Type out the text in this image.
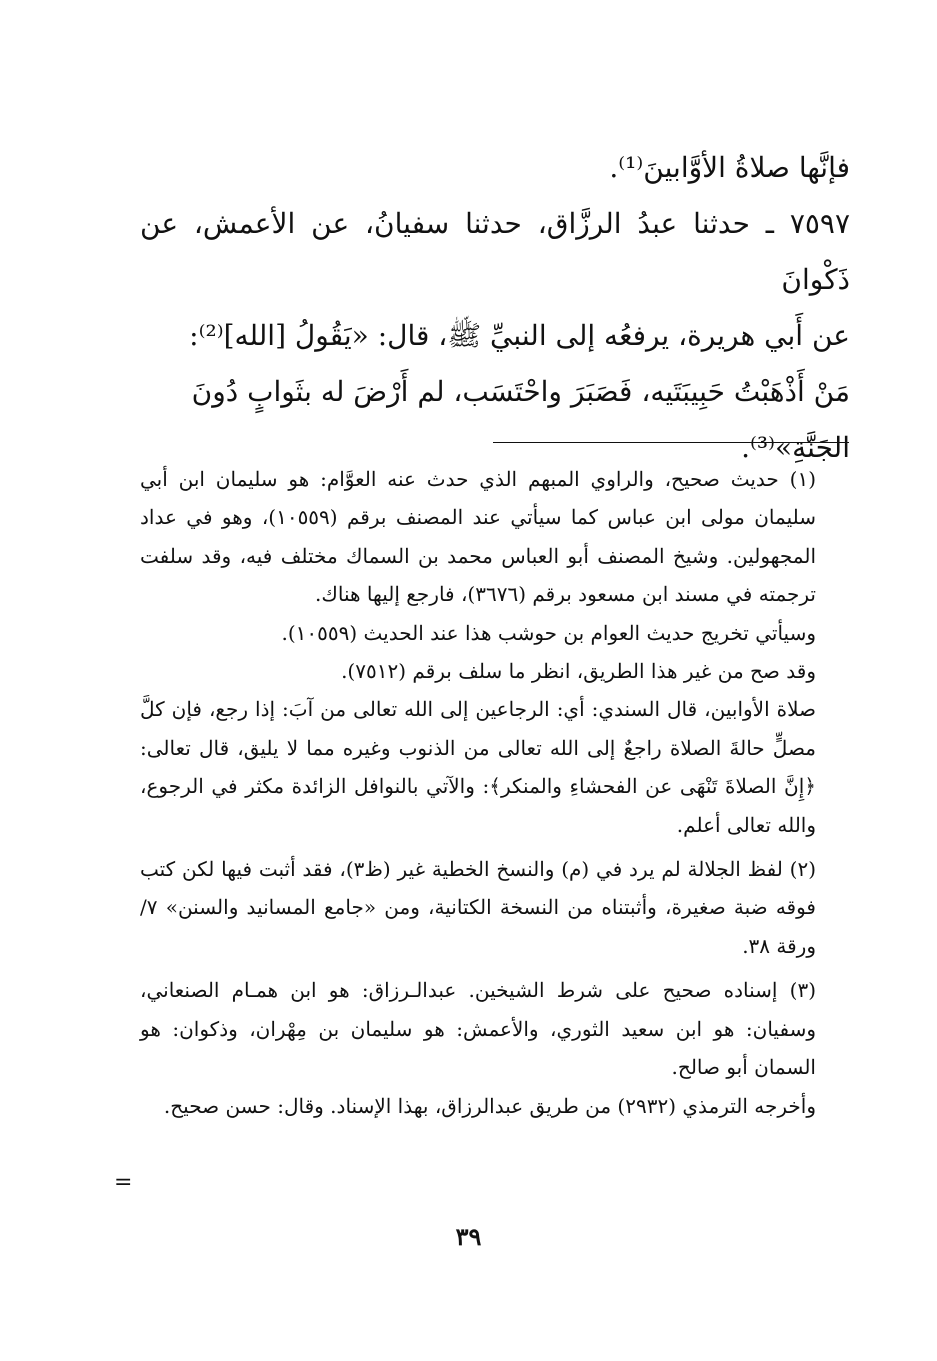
فإنَّها صلاةُ الأوَّابينَ⁽¹⁾.

٧٥٩٧ ـ حدثنا عبدُ الرزَّاق، حدثنا سفيانُ، عن الأعمش، عن ذَكْوانَ

عن أَبي هريرة، يرفعُه إلى النبيِّ ﷺ، قال: «يَقُولُ [الله]⁽²⁾:

مَنْ أَذْهَبْتُ حَبِيبَتَيه، فَصَبَرَ واحْتَسَب، لم أَرْضَ له بثَوابٍ دُونَ

الجَنَّةِ»⁽³⁾.

(١) حديث صحيح، والراوي المبهم الذي حدث عنه العوَّام: هو سليمان ابن أبي سليمان مولى ابن عباس كما سيأتي عند المصنف برقم (١٠٥٥٩)، وهو في عداد المجهولين. وشيخ المصنف أبو العباس محمد بن السماك مختلف فيه، وقد سلفت ترجمته في مسند ابن مسعود برقم (٣٦٧٦)، فارجع إليها هناك.

وسيأتي تخريج حديث العوام بن حوشب هذا عند الحديث (١٠٥٥٩).

وقد صح من غير هذا الطريق، انظر ما سلف برقم (٧٥١٢).

صلاة الأوابين، قال السندي: أي: الرجاعين إلى الله تعالى من آبَ: إذا رجع، فإن كلَّ مصلٍّ حالةَ الصلاة راجعٌ إلى الله تعالى من الذنوب وغيره مما لا يليق، قال تعالى: ﴿إِنَّ الصلاةَ تَنْهَى عن الفحشاءِ والمنكر﴾: والآتي بالنوافل الزائدة مكثر في الرجوع، والله تعالى أعلم.

(٢) لفظ الجلالة لم يرد في (م) والنسخ الخطية غير (ظ٣)، فقد أثبت فيها لكن كتب فوقه ضبة صغيرة، وأثبتناه من النسخة الكتانية، ومن «جامع المسانيد والسنن» ٧/ورقة ٣٨.

(٣) إسناده صحيح على شرط الشيخين. عبدالـرزاق: هو ابن همـام الصنعاني، وسفيان: هو ابن سعيد الثوري، والأعمش: هو سليمان بن مِهْران، وذكوان: هو السمان أبو صالح.

وأخرجه الترمذي (٢٩٣٢) من طريق عبدالرزاق، بهذا الإسناد. وقال: حسن صحيح.

=
٣٩
